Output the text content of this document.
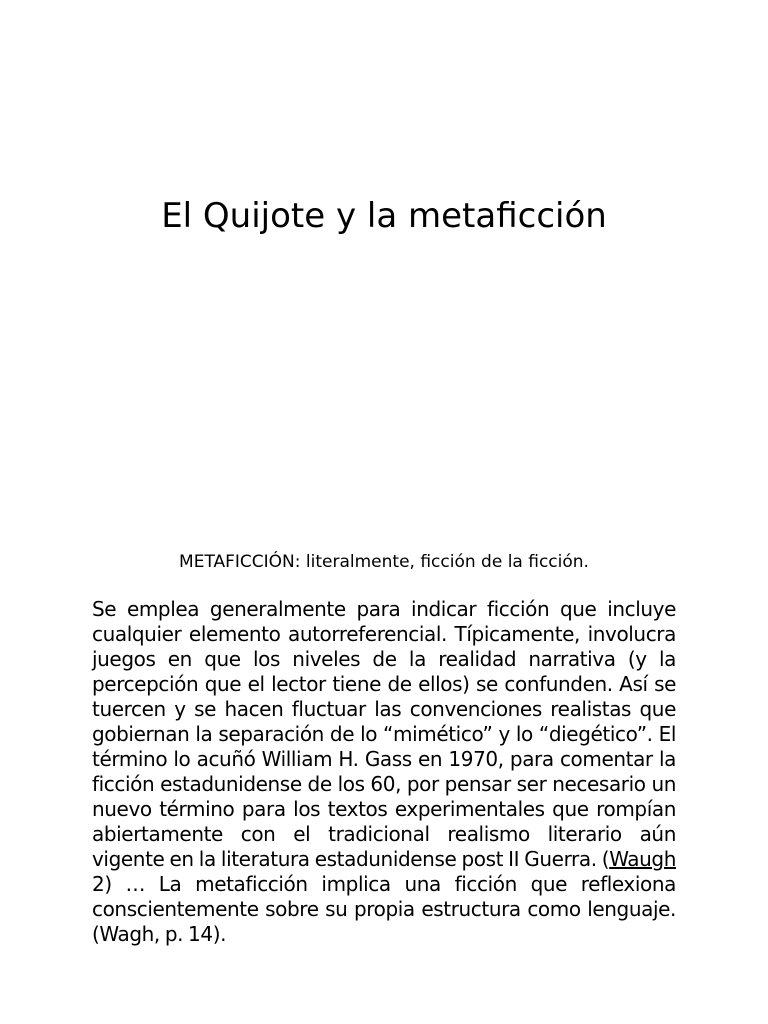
El Quijote y la metaficción

METAFICCIÓN: literalmente, ficción de la ficción.

Se emplea generalmente para indicar ficción que incluye cualquier elemento autorreferencial. Típicamente, involucra juegos en que los niveles de la realidad narrativa (y la percepción que el lector tiene de ellos) se confunden. Así se tuercen y se hacen fluctuar las convenciones realistas que gobiernan la separación de lo “mimético” y lo “diegético”. El término lo acuñó William H. Gass en 1970, para comentar la ficción estadunidense de los 60, por pensar ser necesario un nuevo término para los textos experimentales que rompían abiertamente con el tradicional realismo literario aún vigente en la literatura estadunidense post II Guerra. (Waugh 2) … La metaficción implica una ficción que reflexiona conscientemente sobre su propia estructura como lenguaje. (Wagh, p. 14).
